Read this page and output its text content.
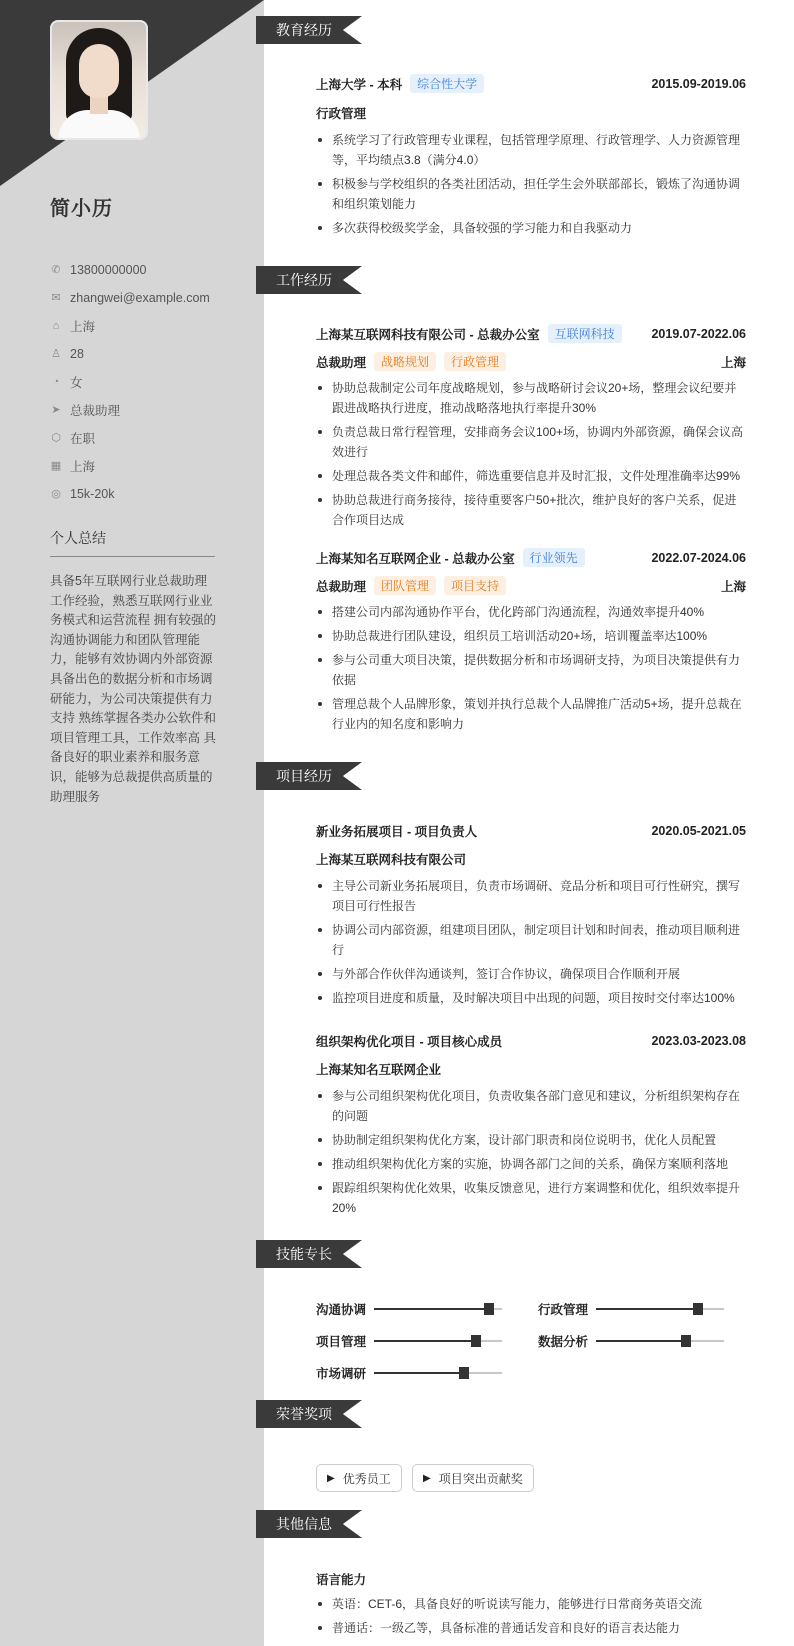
简小历
✆ 13800000000
✉ zhangwei@example.com
⌂ 上海
♙ 28
◔ 女
➤ 总裁助理
⬡ 在职
▦ 上海
◎ 15k-20k
个人总结
具备5年互联网行业总裁助理工作经验，熟悉互联网行业业务模式和运营流程 拥有较强的沟通协调能力和团队管理能力，能够有效协调内外部资源 具备出色的数据分析和市场调研能力，为公司决策提供有力支持 熟练掌握各类办公软件和项目管理工具，工作效率高 具备良好的职业素养和服务意识，能够为总裁提供高质量的助理服务
教育经历
工作经历
项目经历
技能专长
荣誉奖项
其他信息
上海大学 - 本科	综合性大学	2015.09-2019.06
行政管理
系统学习了行政管理专业课程，包括管理学原理、行政管理学、人力资源管理等，平均绩点3.8（满分4.0）
积极参与学校组织的各类社团活动，担任学生会外联部部长，锻炼了沟通协调和组织策划能力
多次获得校级奖学金，具备较强的学习能力和自我驱动力
上海某互联网科技有限公司 - 总裁办公室	互联网科技	2019.07-2022.06
总裁助理	战略规划	行政管理	上海
协助总裁制定公司年度战略规划，参与战略研讨会议20+场，整理会议纪要并跟进战略执行进度，推动战略落地执行率提升30%
负责总裁日常行程管理，安排商务会议100+场，协调内外部资源，确保会议高效进行
处理总裁各类文件和邮件，筛选重要信息并及时汇报，文件处理准确率达99%
协助总裁进行商务接待，接待重要客户50+批次，维护良好的客户关系，促进合作项目达成
上海某知名互联网企业 - 总裁办公室	行业领先	2022.07-2024.06
总裁助理	团队管理	项目支持	上海
搭建公司内部沟通协作平台，优化跨部门沟通流程，沟通效率提升40%
协助总裁进行团队建设，组织员工培训活动20+场，培训覆盖率达100%
参与公司重大项目决策，提供数据分析和市场调研支持，为项目决策提供有力依据
管理总裁个人品牌形象，策划并执行总裁个人品牌推广活动5+场，提升总裁在行业内的知名度和影响力
新业务拓展项目 - 项目负责人	2020.05-2021.05
上海某互联网科技有限公司
主导公司新业务拓展项目，负责市场调研、竞品分析和项目可行性研究，撰写项目可行性报告
协调公司内部资源，组建项目团队，制定项目计划和时间表，推动项目顺利进行
与外部合作伙伴沟通谈判，签订合作协议，确保项目合作顺利开展
监控项目进度和质量，及时解决项目中出现的问题，项目按时交付率达100%
组织架构优化项目 - 项目核心成员	2023.03-2023.08
上海某知名互联网企业
参与公司组织架构优化项目，负责收集各部门意见和建议，分析组织架构存在的问题
协助制定组织架构优化方案，设计部门职责和岗位说明书，优化人员配置
推动组织架构优化方案的实施，协调各部门之间的关系，确保方案顺利落地
跟踪组织架构优化效果，收集反馈意见，进行方案调整和优化，组织效率提升20%
沟通协调	行政管理
项目管理	数据分析
市场调研
▶ 优秀员工	▶ 项目突出贡献奖
语言能力
英语：CET-6，具备良好的听说读写能力，能够进行日常商务英语交流
普通话：一级乙等，具备标准的普通话发音和良好的语言表达能力
